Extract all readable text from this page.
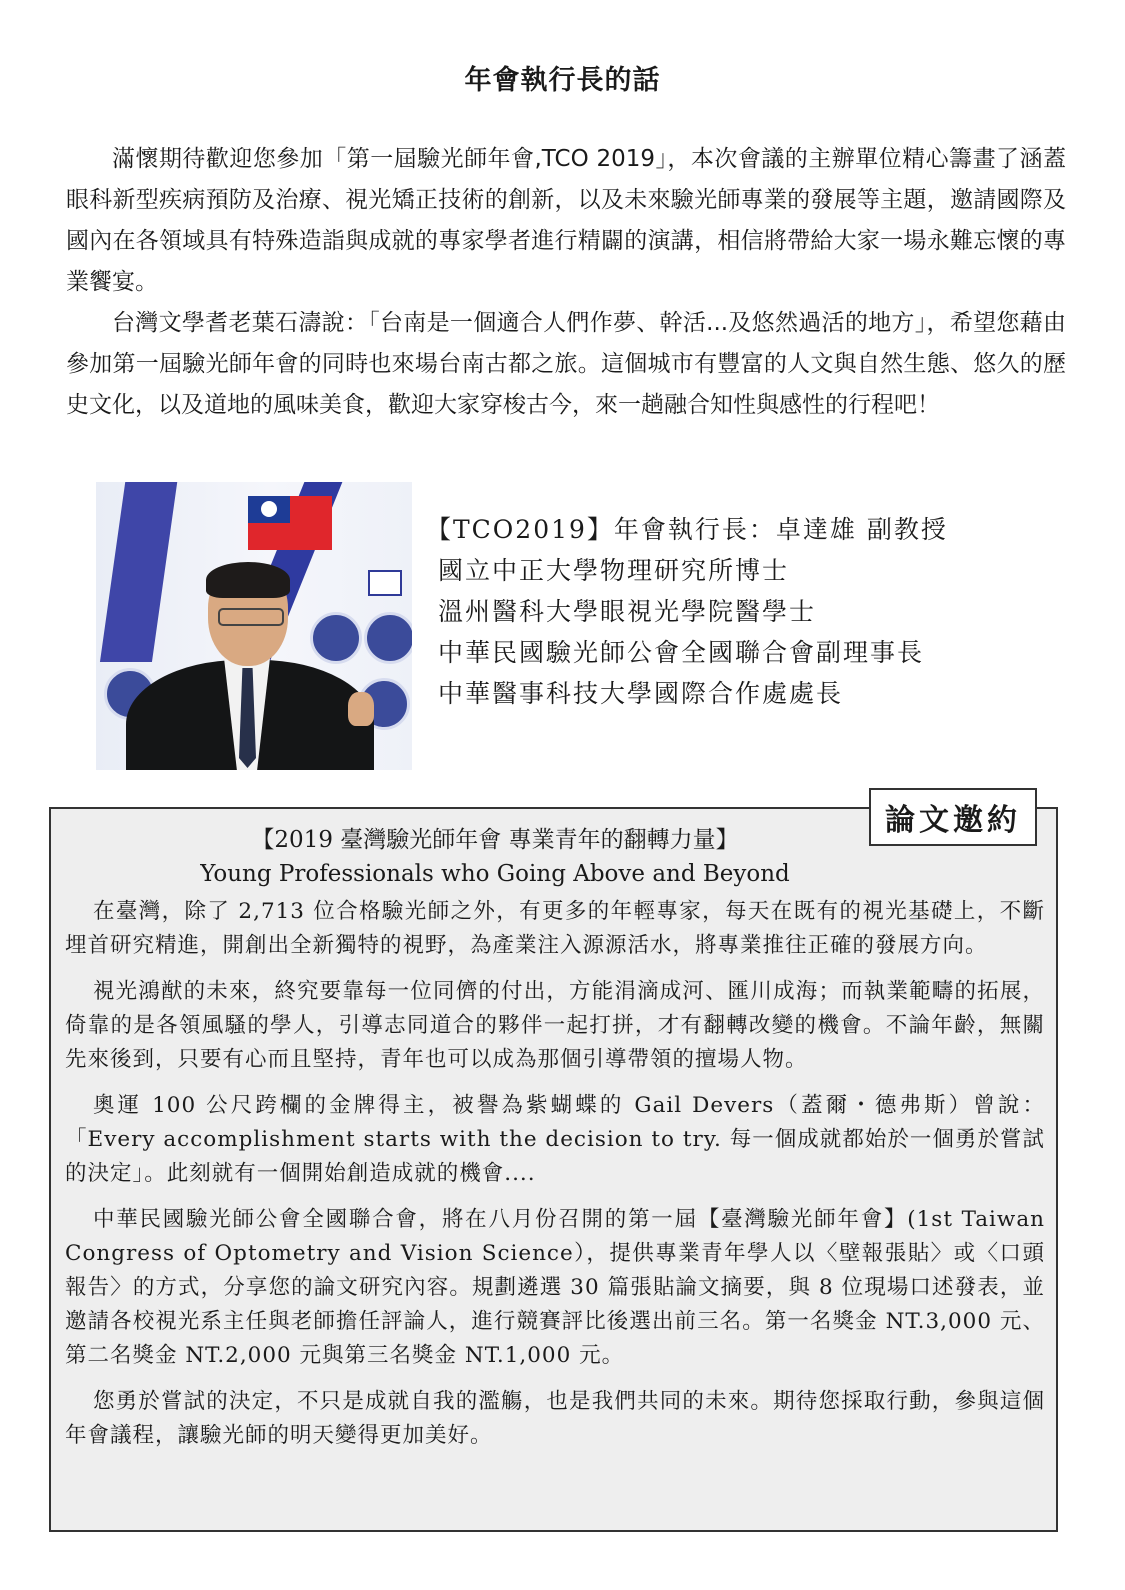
年會執行長的話

滿懷期待歡迎您參加「第一屆驗光師年會,TCO 2019」，本次會議的主辦單位精心籌畫了涵蓋眼科新型疾病預防及治療、視光矯正技術的創新，以及未來驗光師專業的發展等主題，邀請國際及國內在各領域具有特殊造詣與成就的專家學者進行精闢的演講，相信將帶給大家一場永難忘懷的專業饗宴。

台灣文學耆老葉石濤說：「台南是一個適合人們作夢、幹活...及悠然過活的地方」，希望您藉由參加第一屆驗光師年會的同時也來場台南古都之旅。這個城市有豐富的人文與自然生態、悠久的歷史文化，以及道地的風味美食，歡迎大家穿梭古今，來一趟融合知性與感性的行程吧！

【TCO2019】年會執行長：卓達雄 副教授
國立中正大學物理研究所博士
溫州醫科大學眼視光學院醫學士
中華民國驗光師公會全國聯合會副理事長
中華醫事科技大學國際合作處處長

【2019 臺灣驗光師年會 專業青年的翻轉力量】

Young Professionals who Going Above and Beyond

在臺灣，除了 2,713 位合格驗光師之外，有更多的年輕專家，每天在既有的視光基礎上，不斷埋首研究精進，開創出全新獨特的視野，為產業注入源源活水，將專業推往正確的發展方向。

視光鴻猷的未來，終究要靠每一位同儕的付出，方能涓滴成河、匯川成海；而執業範疇的拓展，倚靠的是各領風騷的學人，引導志同道合的夥伴一起打拼，才有翻轉改變的機會。不論年齡，無關先來後到，只要有心而且堅持，青年也可以成為那個引導帶領的擅場人物。

奧運 100 公尺跨欄的金牌得主，被譽為紫蝴蝶的 Gail Devers（蓋爾・德弗斯）曾說：「Every accomplishment starts with the decision to try. 每一個成就都始於一個勇於嘗試的決定」。此刻就有一個開始創造成就的機會....

中華民國驗光師公會全國聯合會，將在八月份召開的第一屆【臺灣驗光師年會】(1st Taiwan Congress of Optometry and Vision Science），提供專業青年學人以〈壁報張貼〉或〈口頭報告〉的方式，分享您的論文研究內容。規劃遴選 30 篇張貼論文摘要，與 8 位現場口述發表，並邀請各校視光系主任與老師擔任評論人，進行競賽評比後選出前三名。第一名獎金 NT.3,000 元、第二名獎金 NT.2,000 元與第三名獎金 NT.1,000 元。

您勇於嘗試的決定，不只是成就自我的濫觴，也是我們共同的未來。期待您採取行動，參與這個年會議程，讓驗光師的明天變得更加美好。

論文邀約
